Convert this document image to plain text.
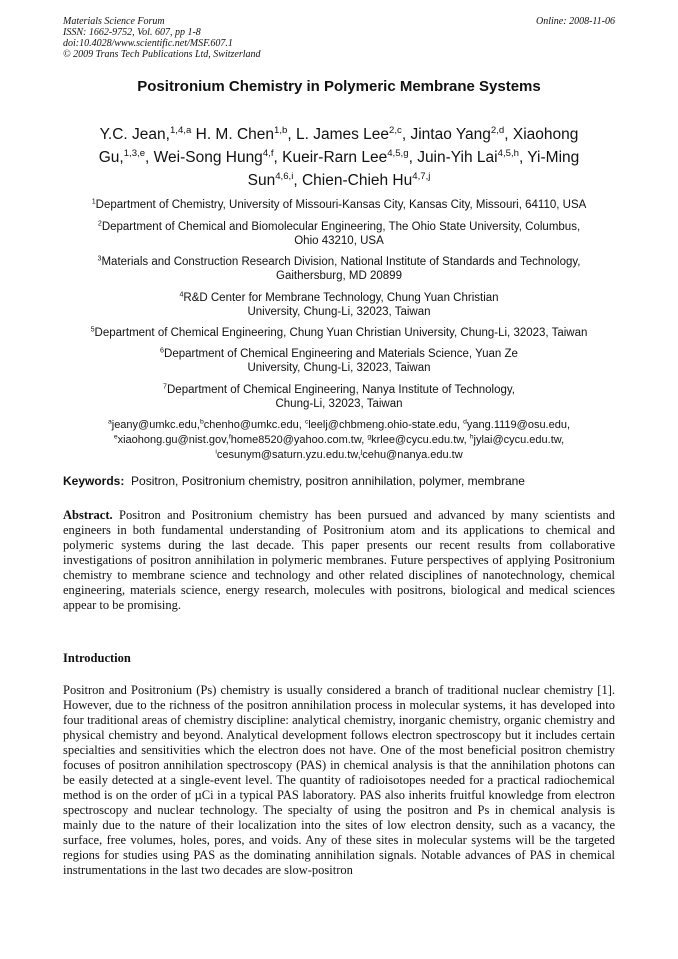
Materials Science Forum	Online: 2008-11-06
ISSN: 1662-9752, Vol. 607, pp 1-8
doi:10.4028/www.scientific.net/MSF.607.1
© 2009 Trans Tech Publications Ltd, Switzerland
Positronium Chemistry in Polymeric Membrane Systems
Y.C. Jean,$^{1,4,a}$ H. M. Chen$^{1,b}$, L. James Lee$^{2,c}$, Jintao Yang$^{2,d}$, Xiaohong Gu,$^{1,3,e}$, Wei-Song Hung$^{4,f}$, Kueir-Rarn Lee$^{4,5,g}$, Juin-Yih Lai$^{4,5,h}$, Yi-Ming Sun$^{4,6,i}$, Chien-Chieh Hu$^{4,7,j}$
$^1$Department of Chemistry, University of Missouri-Kansas City, Kansas City, Missouri, 64110, USA
$^2$Department of Chemical and Biomolecular Engineering, The Ohio State University, Columbus,
Ohio 43210, USA
$^3$Materials and Construction Research Division, National Institute of Standards and Technology,
Gaithersburg, MD 20899
$^4$R&D Center for Membrane Technology, Chung Yuan Christian
University, Chung-Li, 32023, Taiwan
$^5$Department of Chemical Engineering, Chung Yuan Christian University, Chung-Li, 32023, Taiwan
$^6$Department of Chemical Engineering and Materials Science, Yuan Ze
University, Chung-Li, 32023, Taiwan
$^7$Department of Chemical Engineering, Nanya Institute of Technology,
Chung-Li, 32023, Taiwan
$^a$jeany@umkc.edu,$^b$chenho@umkc.edu, $^c$leelj@chbmeng.ohio-state.edu, $^d$yang.1119@osu.edu,
$^e$xiaohong.gu@nist.gov,$^f$home8520@yahoo.com.tw, $^g$krlee@cycu.edu.tw, $^h$jylai@cycu.edu.tw,
$^i$cesunym@saturn.yzu.edu.tw,$^j$cehu@nanya.edu.tw
Keywords: Positron, Positronium chemistry, positron annihilation, polymer, membrane
Abstract. Positron and Positronium chemistry has been pursued and advanced by many scientists and engineers in both fundamental understanding of Positronium atom and its applications to chemical and polymeric systems during the last decade. This paper presents our recent results from collaborative investigations of positron annihilation in polymeric membranes. Future perspectives of applying Positronium chemistry to membrane science and technology and other related disciplines of nanotechnology, chemical engineering, materials science, energy research, molecules with positrons, biological and medical sciences appear to be promising.
Introduction
Positron and Positronium (Ps) chemistry is usually considered a branch of traditional nuclear chemistry [1]. However, due to the richness of the positron annihilation process in molecular systems, it has developed into four traditional areas of chemistry discipline: analytical chemistry, inorganic chemistry, organic chemistry and physical chemistry and beyond. Analytical development follows electron spectroscopy but it includes certain specialties and sensitivities which the electron does not have. One of the most beneficial positron chemistry focuses of positron annihilation spectroscopy (PAS) in chemical analysis is that the annihilation photons can be easily detected at a single-event level. The quantity of radioisotopes needed for a practical radiochemical method is on the order of µCi in a typical PAS laboratory. PAS also inherits fruitful knowledge from electron spectroscopy and nuclear technology. The specialty of using the positron and Ps in chemical analysis is mainly due to the nature of their localization into the sites of low electron density, such as a vacancy, the surface, free volumes, holes, pores, and voids. Any of these sites in molecular systems will be the targeted regions for studies using PAS as the dominating annihilation signals. Notable advances of PAS in chemical instrumentations in the last two decades are slow-positron
